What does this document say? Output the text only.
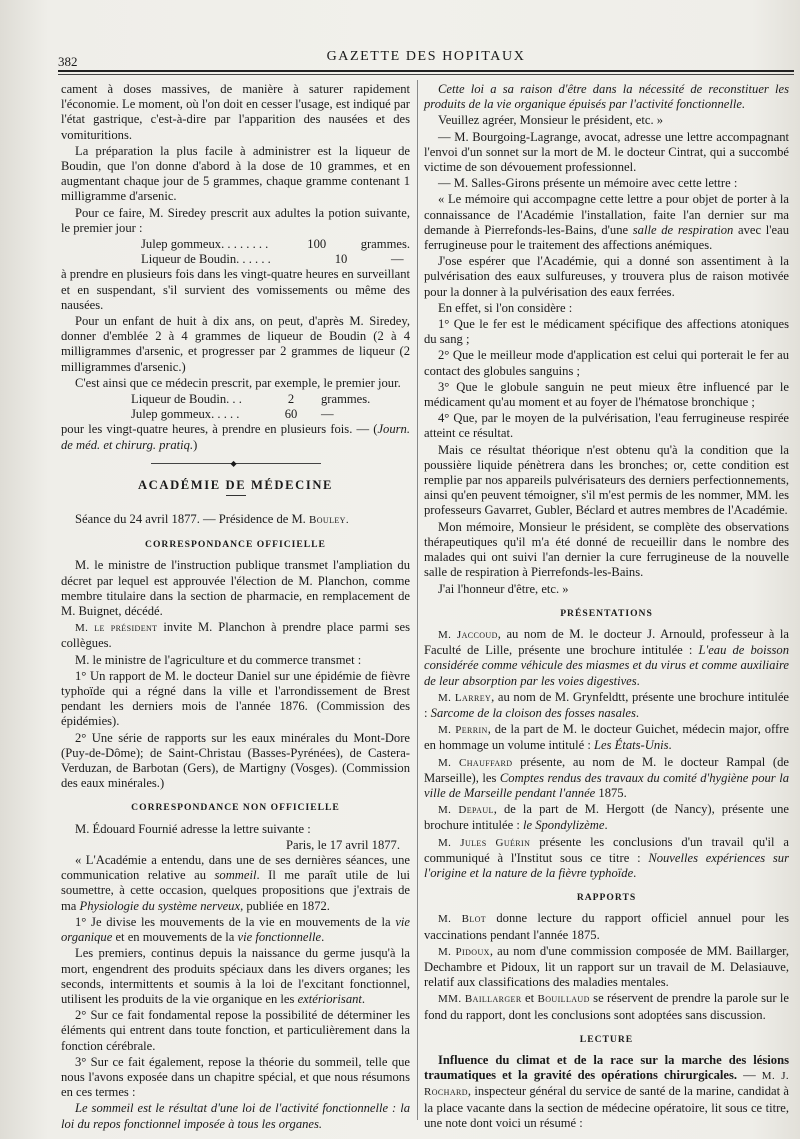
382	GAZETTE DES HOPITAUX

cament à doses massives, de manière à saturer rapidement l'économie. Le moment, où l'on doit en cesser l'usage, est indiqué par l'état gastrique, c'est-à-dire par l'apparition des nausées et des vomituritions.

La préparation la plus facile à administrer est la liqueur de Boudin, que l'on donne d'abord à la dose de 10 grammes, et en augmentant chaque jour de 5 grammes, chaque gramme contenant 1 milligramme d'arsenic.

Pour ce faire, M. Siredey prescrit aux adultes la potion suivante, le premier jour :

Julep gommeux. . . . . . . .	100	grammes.
Liqueur de Boudin. . . . . .	10	—

à prendre en plusieurs fois dans les vingt-quatre heures en surveillant et en suspendant, s'il survient des vomissements ou même des nausées.

Pour un enfant de huit à dix ans, on peut, d'après M. Siredey, donner d'emblée 2 à 4 grammes de liqueur de Boudin (2 à 4 milligrammes d'arsenic, et progresser par 2 grammes de liqueur (2 milligrammes d'arsenic.)

C'est ainsi que ce médecin prescrit, par exemple, le premier jour.

Liqueur de Boudin. . .	2	grammes.
Julep gommeux. . . . .	60	—

pour les vingt-quatre heures, à prendre en plusieurs fois. — (Journ. de méd. et chirurg. pratiq.)

◆
ACADÉMIE DE MÉDECINE

Séance du 24 avril 1877. — Présidence de M. Bouley.

CORRESPONDANCE OFFICIELLE

M. le ministre de l'instruction publique transmet l'ampliation du décret par lequel est approuvée l'élection de M. Planchon, comme membre titulaire dans la section de pharmacie, en remplacement de M. Buignet, décédé.

M. le président invite M. Planchon à prendre place parmi ses collègues.

M. le ministre de l'agriculture et du commerce transmet :

1° Un rapport de M. le docteur Daniel sur une épidémie de fièvre typhoïde qui a régné dans la ville et l'arrondissement de Brest pendant les derniers mois de l'année 1876. (Commission des épidémies).

2° Une série de rapports sur les eaux minérales du Mont-Dore (Puy-de-Dôme); de Saint-Christau (Basses-Pyrénées), de Castera-Verduzan, de Barbotan (Gers), de Martigny (Vosges). (Commission des eaux minérales.)

CORRESPONDANCE NON OFFICIELLE

M. Édouard Fournié adresse la lettre suivante :

Paris, le 17 avril 1877.

« L'Académie a entendu, dans une de ses dernières séances, une communication relative au sommeil. Il me paraît utile de lui soumettre, à cette occasion, quelques propositions que j'extrais de ma Physiologie du système nerveux, publiée en 1872.

1° Je divise les mouvements de la vie en mouvements de la vie organique et en mouvements de la vie fonctionnelle.

Les premiers, continus depuis la naissance du germe jusqu'à la mort, engendrent des produits spéciaux dans les divers organes; les seconds, intermittents et soumis à la loi de l'excitant fonctionnel, utilisent les produits de la vie organique en les extériorisant.

2° Sur ce fait fondamental repose la possibilité de déterminer les éléments qui entrent dans toute fonction, et particulièrement dans la fonction cérébrale.

3° Sur ce fait également, repose la théorie du sommeil, telle que nous l'avons exposée dans un chapitre spécial, et que nous résumons en ces termes :

Le sommeil est le résultat d'une loi de l'activité fonctionnelle : la loi du repos fonctionnel imposée à tous les organes.

Cette loi a sa raison d'être dans la nécessité de reconstituer les produits de la vie organique épuisés par l'activité fonctionnelle.

Veuillez agréer, Monsieur le président, etc. »

— M. Bourgoing-Lagrange, avocat, adresse une lettre accompagnant l'envoi d'un sonnet sur la mort de M. le docteur Cintrat, qui a succombé victime de son dévouement professionnel.

— M. Salles-Girons présente un mémoire avec cette lettre :

« Le mémoire qui accompagne cette lettre a pour objet de porter à la connaissance de l'Académie l'installation, faite l'an dernier sur ma demande à Pierrefonds-les-Bains, d'une salle de respiration avec l'eau ferrugineuse pour le traitement des affections anémiques.

J'ose espérer que l'Académie, qui a donné son assentiment à la pulvérisation des eaux sulfureuses, y trouvera plus de raison motivée pour la donner à la pulvérisation des eaux ferrées.

En effet, si l'on considère :

1° Que le fer est le médicament spécifique des affections atoniques du sang ;

2° Que le meilleur mode d'application est celui qui porterait le fer au contact des globules sanguins ;

3° Que le globule sanguin ne peut mieux être influencé par le médicament qu'au moment et au foyer de l'hématose bronchique ;

4° Que, par le moyen de la pulvérisation, l'eau ferrugineuse respirée atteint ce résultat.

Mais ce résultat théorique n'est obtenu qu'à la condition que la poussière liquide pénètrera dans les bronches; or, cette condition est remplie par nos appareils pulvérisateurs des derniers perfectionnements, ainsi qu'en peuvent témoigner, s'il m'est permis de les nommer, MM. les professeurs Gavarret, Gubler, Béclard et autres membres de l'Académie.

Mon mémoire, Monsieur le président, se complète des observations thérapeutiques qu'il m'a été donné de recueillir dans le nombre des malades qui ont suivi l'an dernier la cure ferrugineuse de la nouvelle salle de respiration à Pierrefonds-les-Bains.

J'ai l'honneur d'être, etc. »

PRÉSENTATIONS

M. Jaccoud, au nom de M. le docteur J. Arnould, professeur à la Faculté de Lille, présente une brochure intitulée : L'eau de boisson considérée comme véhicule des miasmes et du virus et comme auxiliaire de leur absorption par les voies digestives.

M. Larrey, au nom de M. Grynfeldtt, présente une brochure intitulée : Sarcome de la cloison des fosses nasales.

M. Perrin, de la part de M. le docteur Guichet, médecin major, offre en hommage un volume intitulé : Les États-Unis.

M. Chauffard présente, au nom de M. le docteur Rampal (de Marseille), les Comptes rendus des travaux du comité d'hygiène pour la ville de Marseille pendant l'année 1875.

M. Depaul, de la part de M. Hergott (de Nancy), présente une brochure intitulée : le Spondylizème.

M. Jules Guérin présente les conclusions d'un travail qu'il a communiqué à l'Institut sous ce titre : Nouvelles expériences sur l'origine et la nature de la fièvre typhoïde.

RAPPORTS

M. Blot donne lecture du rapport officiel annuel pour les vaccinations pendant l'année 1875.

M. Pidoux, au nom d'une commission composée de MM. Baillarger, Dechambre et Pidoux, lit un rapport sur un travail de M. Delasiauve, relatif aux classifications des maladies mentales.

MM. Baillarger et Bouillaud se réservent de prendre la parole sur le fond du rapport, dont les conclusions sont adoptées sans discussion.

LECTURE

Influence du climat et de la race sur la marche des lésions traumatiques et la gravité des opérations chirurgicales. — M. J. Rochard, inspecteur général du service de santé de la marine, candidat à la place vacante dans la section de médecine opératoire, lit sous ce titre, une note dont voici un résumé :
